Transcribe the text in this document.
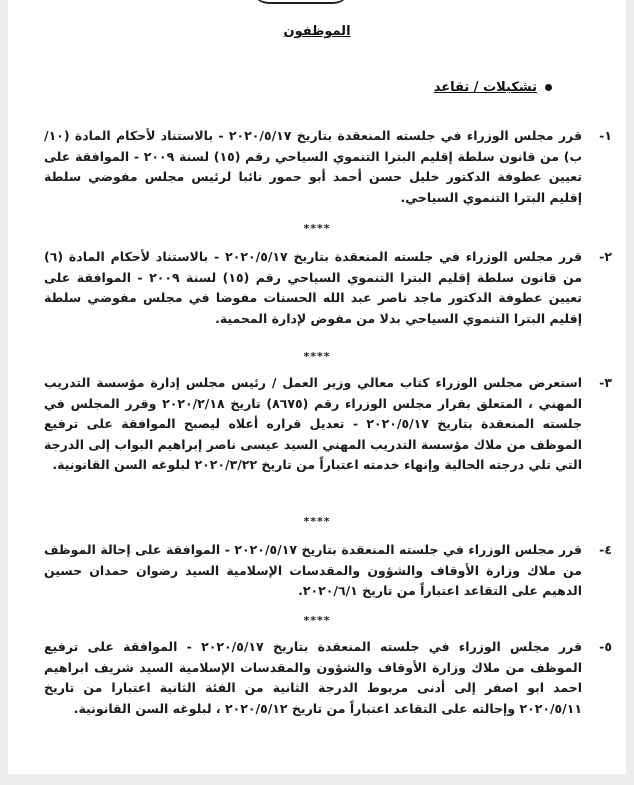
الموظفون
تشكيلات / تقاعد
١-
قرر مجلس الوزراء في جلسته المنعقدة بتاريخ ٢٠٢٠/٥/١٧ - بالاستناد لأحكام المادة (١٠/ب) من قانون سلطة إقليم البترا التنموي السياحي رقم (١٥) لسنة ٢٠٠٩ - الموافقة على تعيين عطوفة الدكتور خليل حسن أحمد أبو حمور نائبا لرئيس مجلس مفوضي سلطة إقليم البترا التنموي السياحي.
****
٢-
قرر مجلس الوزراء في جلسته المنعقدة بتاريخ ٢٠٢٠/٥/١٧ - بالاستناد لأحكام المادة (٦) من قانون سلطة إقليم البترا التنموي السياحي رقم (١٥) لسنة ٢٠٠٩ - الموافقة على تعيين عطوفة الدكتور ماجد ناصر عبد الله الحسنات مفوضا في مجلس مفوضي سلطة إقليم البترا التنموي السياحي بدلا من مفوض لإدارة المحمية.
****
٣-
استعرض مجلس الوزراء كتاب معالي وزير العمل / رئيس مجلس إدارة مؤسسة التدريب المهني ، المتعلق بقرار مجلس الوزراء رقم (٨٦٧٥) تاريخ ٢٠٢٠/٢/١٨ وقرر المجلس في جلسته المنعقدة بتاريخ ٢٠٢٠/٥/١٧ - تعديل قراره أعلاه ليصبح الموافقة على ترفيع الموظف من ملاك مؤسسة التدريب المهني السيد عيسى ناصر إبراهيم البواب إلى الدرجة التي تلي درجته الحالية وإنهاء خدمته اعتباراً من تاريخ ٢٠٢٠/٣/٢٢ لبلوغه السن القانونية.
****
٤-
قرر مجلس الوزراء في جلسته المنعقدة بتاريخ ٢٠٢٠/٥/١٧ - الموافقة على إحالة الموظف من ملاك وزارة الأوقاف والشؤون والمقدسات الإسلامية السيد رضوان حمدان حسين الدهيم على التقاعد اعتباراً من تاريخ ٢٠٢٠/٦/١.
****
٥-
قرر مجلس الوزراء في جلسته المنعقدة بتاريخ ٢٠٢٠/٥/١٧ - الموافقة على ترفيع الموظف من ملاك وزارة الأوقاف والشؤون والمقدسات الإسلامية السيد شريف ابراهيم احمد ابو اصفر إلى أدنى مربوط الدرجة الثانية من الفئة الثانية اعتبارا من تاريخ ٢٠٢٠/٥/١١ وإحالته على التقاعد اعتباراً من تاريخ ٢٠٢٠/٥/١٢ ، لبلوغه السن القانونية.
